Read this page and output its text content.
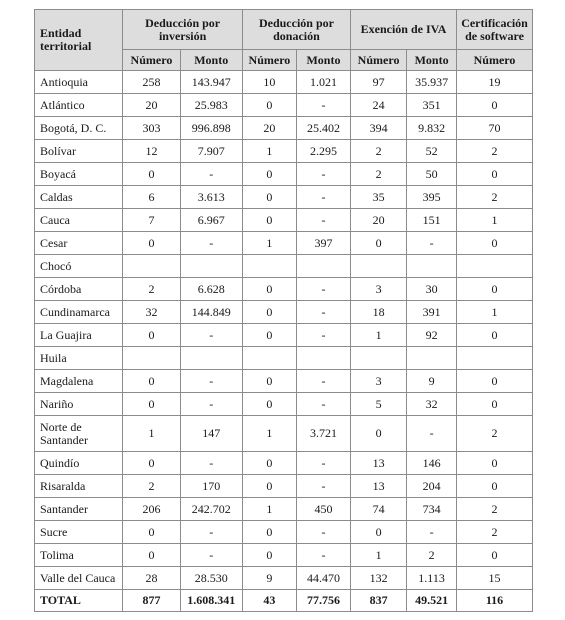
Entidad territorial	Deducción por inversión		Deducción por donación		Exención de IVA		Certificación de software
	Número	Monto	Número	Monto	Número	Monto	Número
Antioquia	258	143.947	10	1.021	97	35.937	19
Atlántico	20	25.983	0	-	24	351	0
Bogotá, D. C.	303	996.898	20	25.402	394	9.832	70
Bolívar	12	7.907	1	2.295	2	52	2
Boyacá	0	-	0	-	2	50	0
Caldas	6	3.613	0	-	35	395	2
Cauca	7	6.967	0	-	20	151	1
Cesar	0	-	1	397	0	-	0
Chocó							
Córdoba	2	6.628	0	-	3	30	0
Cundinamarca	32	144.849	0	-	18	391	1
La Guajira	0	-	0	-	1	92	0
Huila							
Magdalena	0	-	0	-	3	9	0
Nariño	0	-	0	-	5	32	0
Norte de Santander	1	147	1	3.721	0	-	2
Quindío	0	-	0	-	13	146	0
Risaralda	2	170	0	-	13	204	0
Santander	206	242.702	1	450	74	734	2
Sucre	0	-	0	-	0	-	2
Tolima	0	-	0	-	1	2	0
Valle del Cauca	28	28.530	9	44.470	132	1.113	15
TOTAL	877	1.608.341	43	77.756	837	49.521	116
